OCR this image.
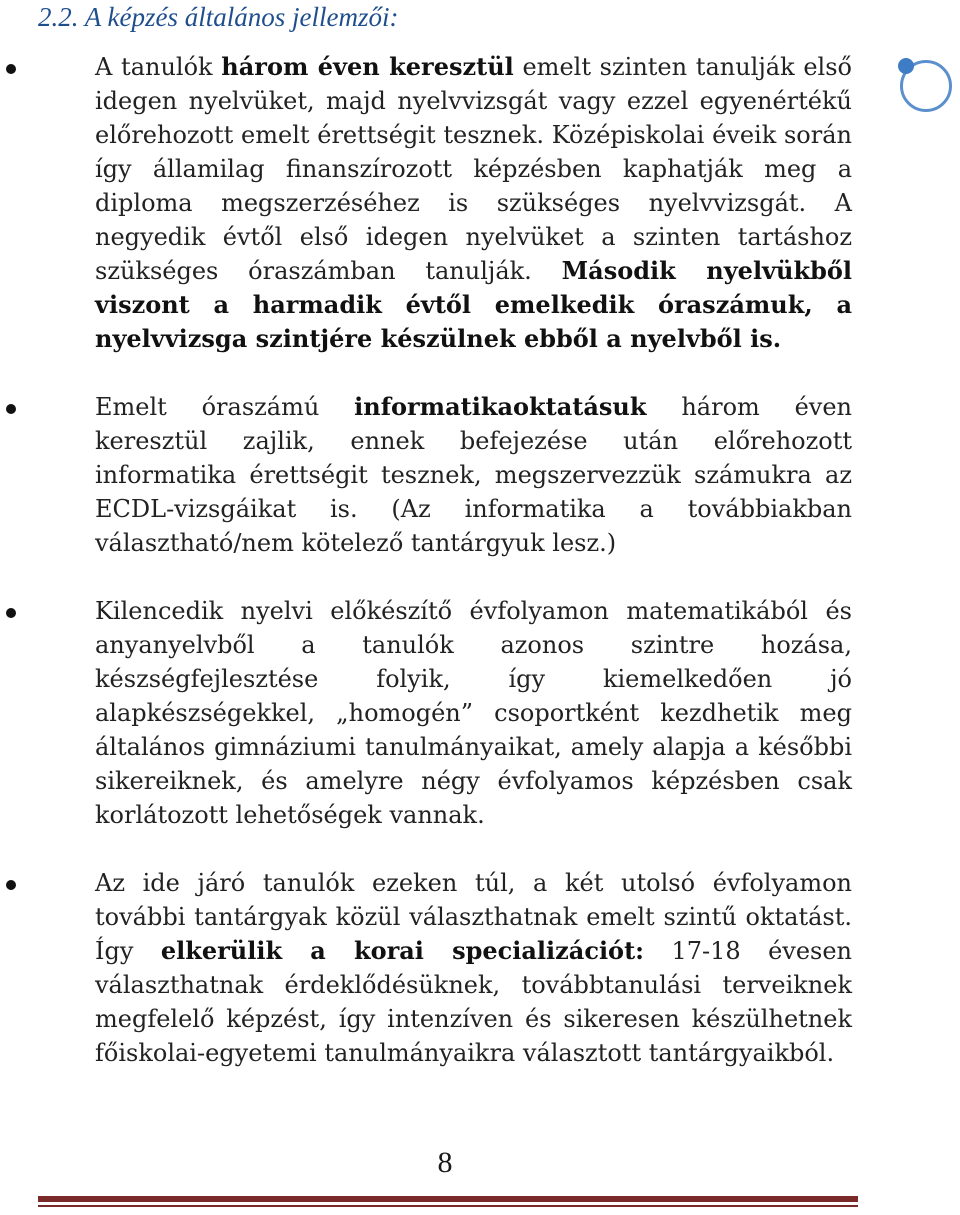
2.2. A képzés általános jellemzői:
A tanulók három éven keresztül emelt szinten tanulják első idegen nyelvüket, majd nyelvvizsgát vagy ezzel egyenértékű előrehozott emelt érettségit tesznek. Középiskolai éveik során így államilag finanszírozott képzésben kaphatják meg a diploma megszerzéséhez is szükséges nyelvvizsgát. A negyedik évtől első idegen nyelvüket a szinten tartáshoz szükséges óraszámban tanulják. Második nyelvükből viszont a harmadik évtől emelkedik óraszámuk, a nyelvvizsga szintjére készülnek ebből a nyelvből is.
Emelt óraszámú informatikaoktatásuk három éven keresztül zajlik, ennek befejezése után előrehozott informatika érettségit tesznek, megszervezzük számukra az ECDL-vizsgáikat is. (Az informatika a továbbiakban választható/nem kötelező tantárgyuk lesz.)
Kilencedik nyelvi előkészítő évfolyamon matematikából és anyanyelvből a tanulók azonos szintre hozása, készségfejlesztése folyik, így kiemelkedően jó alapkészségekkel, „homogén” csoportként kezdhetik meg általános gimnáziumi tanulmányaikat, amely alapja a későbbi sikereiknek, és amelyre négy évfolyamos képzésben csak korlátozott lehetőségek vannak.
Az ide járó tanulók ezeken túl, a két utolsó évfolyamon további tantárgyak közül választhatnak emelt szintű oktatást. Így elkerülik a korai specializációt: 17-18 évesen választhatnak érdeklődésüknek, továbbtanulási terveiknek megfelelő képzést, így intenzíven és sikeresen készülhetnek főiskolai-egyetemi tanulmányaikra választott tantárgyaikból.
8
